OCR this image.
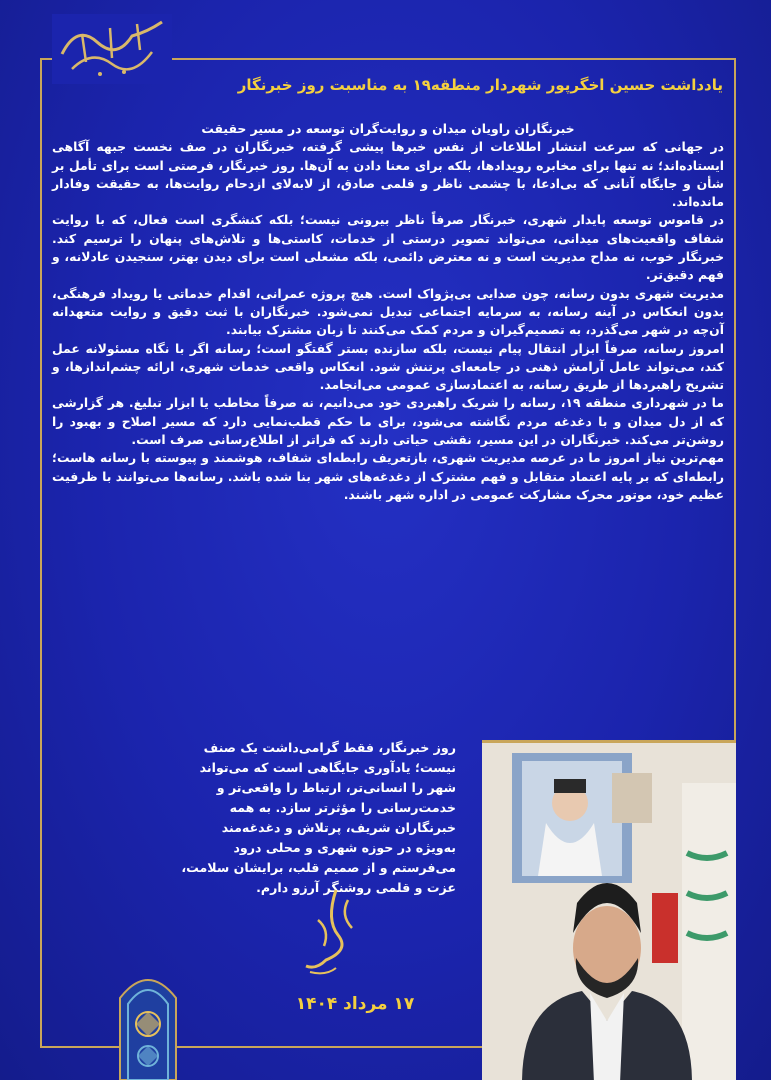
یادداشت حسین اخگرپور شهردار منطقه۱۹ به مناسبت روز خبرنگار

خبرنگاران راویان میدان و روایت‌گران توسعه در مسیر حقیقت

در جهانی که سرعت انتشار اطلاعات از نفس خبرها پیشی گرفته، خبرنگاران در صف نخست جبهه آگاهی ایستاده‌اند؛ نه تنها برای مخابره رویدادها، بلکه برای معنا دادن به آن‌ها. روز خبرنگار، فرصتی است برای تأمل بر شأن و جایگاه آنانی که بی‌ادعا، با چشمی ناظر و قلمی صادق، از لابه‌لای ازدحام روایت‌ها، به حقیقت وفادار مانده‌اند.

در قاموس توسعه پایدار شهری، خبرنگار صرفاً ناظر بیرونی نیست؛ بلکه کنشگری است فعال، که با روایت شفاف واقعیت‌های میدانی، می‌تواند تصویر درستی از خدمات، کاستی‌ها و تلاش‌های پنهان را ترسیم کند. خبرنگار خوب، نه مداح مدیریت است و نه معترض دائمی، بلکه مشعلی است برای دیدن بهتر، سنجیدن عادلانه، و فهم دقیق‌تر.

مدیریت شهری بدون رسانه، چون صدایی بی‌پژواک است. هیچ پروژه عمرانی، اقدام خدماتی یا رویداد فرهنگی، بدون انعکاس در آینه رسانه، به سرمایه اجتماعی تبدیل نمی‌شود. خبرنگاران با ثبت دقیق و روایت متعهدانه آن‌چه در شهر می‌گذرد، به تصمیم‌گیران و مردم کمک می‌کنند تا زبان مشترک بیابند.

امروز رسانه، صرفاً ابزار انتقال پیام نیست، بلکه سازنده بستر گفتگو است؛ رسانه اگر با نگاه مسئولانه عمل کند، می‌تواند عامل آرامش ذهنی در جامعه‌ای پرتنش شود. انعکاس واقعی خدمات شهری، ارائه چشم‌اندازها، و تشریح راهبردها از طریق رسانه، به اعتمادسازی عمومی می‌انجامد.

ما در شهرداری منطقه ۱۹، رسانه را شریک راهبردی خود می‌دانیم، نه صرفاً مخاطب یا ابزار تبلیغ. هر گزارشی که از دل میدان و با دغدغه مردم نگاشته می‌شود، برای ما حکم قطب‌نمایی دارد که مسیر اصلاح و بهبود را روشن‌تر می‌کند. خبرنگاران در این مسیر، نقشی حیاتی دارند که فراتر از اطلاع‌رسانی صرف است.

مهم‌ترین نیاز امروز ما در عرصه مدیریت شهری، بازتعریف رابطه‌ای شفاف، هوشمند و پیوسته با رسانه هاست؛ رابطه‌ای که بر پایه اعتماد متقابل و فهم مشترک از دغدغه‌های شهر بنا شده باشد. رسانه‌ها می‌توانند با ظرفیت عظیم خود، موتور محرک مشارکت عمومی در اداره شهر باشند.

روز خبرنگار، فقط گرامی‌داشت یک صنف نیست؛ یادآوری جایگاهی است که می‌تواند شهر را انسانی‌تر، ارتباط را واقعی‌تر و خدمت‌رسانی را مؤثرتر سازد. به همه خبرنگاران شریف، پرتلاش و دغدغه‌مند به‌ویژه در حوزه شهری و محلی درود می‌فرستم و از صمیم قلب، برایشان سلامت، عزت و قلمی روشنگر آرزو دارم.

۱۷ مرداد ۱۴۰۴
